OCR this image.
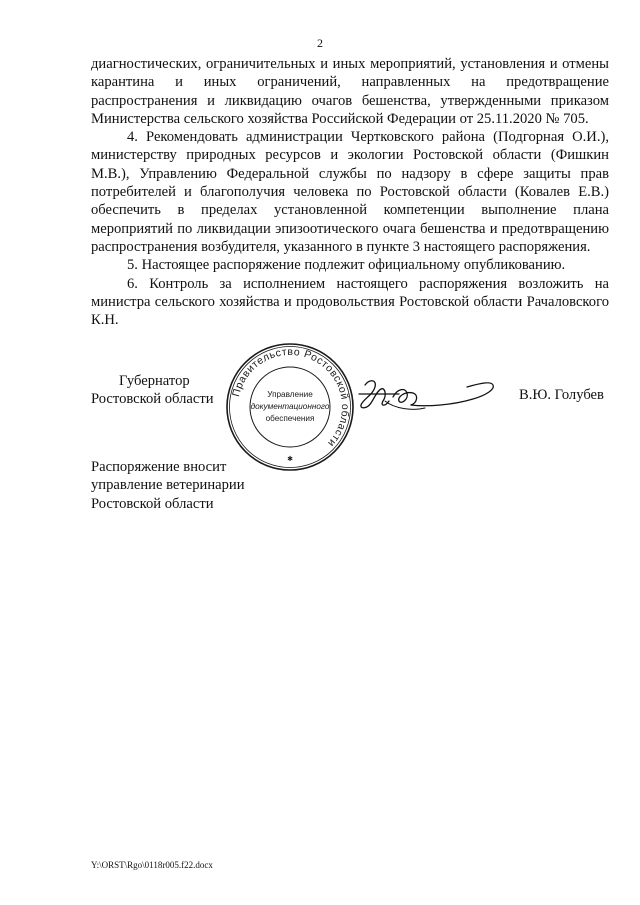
2

диагностических, ограничительных и иных мероприятий, установления и отмены карантина и иных ограничений, направленных на предотвращение распространения и ликвидацию очагов бешенства, утвержденными приказом Министерства сельского хозяйства Российской Федерации от 25.11.2020 № 705.

4. Рекомендовать администрации Чертковского района (Подгорная О.И.), министерству природных ресурсов и экологии Ростовской области (Фишкин М.В.), Управлению Федеральной службы по надзору в сфере защиты прав потребителей и благополучия человека по Ростовской области (Ковалев Е.В.) обеспечить в пределах установленной компетенции выполнение плана мероприятий по ликвидации эпизоотического очага бешенства и предотвращению распространения возбудителя, указанного в пункте 3 настоящего распоряжения.

5. Настоящее распоряжение подлежит официальному опубликованию.

6. Контроль за исполнением настоящего распоряжения возложить на министра сельского хозяйства и продовольствия Ростовской области Рачаловского К.Н.

Губернатор
Ростовской области Правительство Ростовской области
Управление
документационного
обеспечения
✱
В.Ю. Голубев
Распоряжение вносит
управление ветеринарии
Ростовской области
Y:\ORST\Rgo\0118r005.f22.docx
